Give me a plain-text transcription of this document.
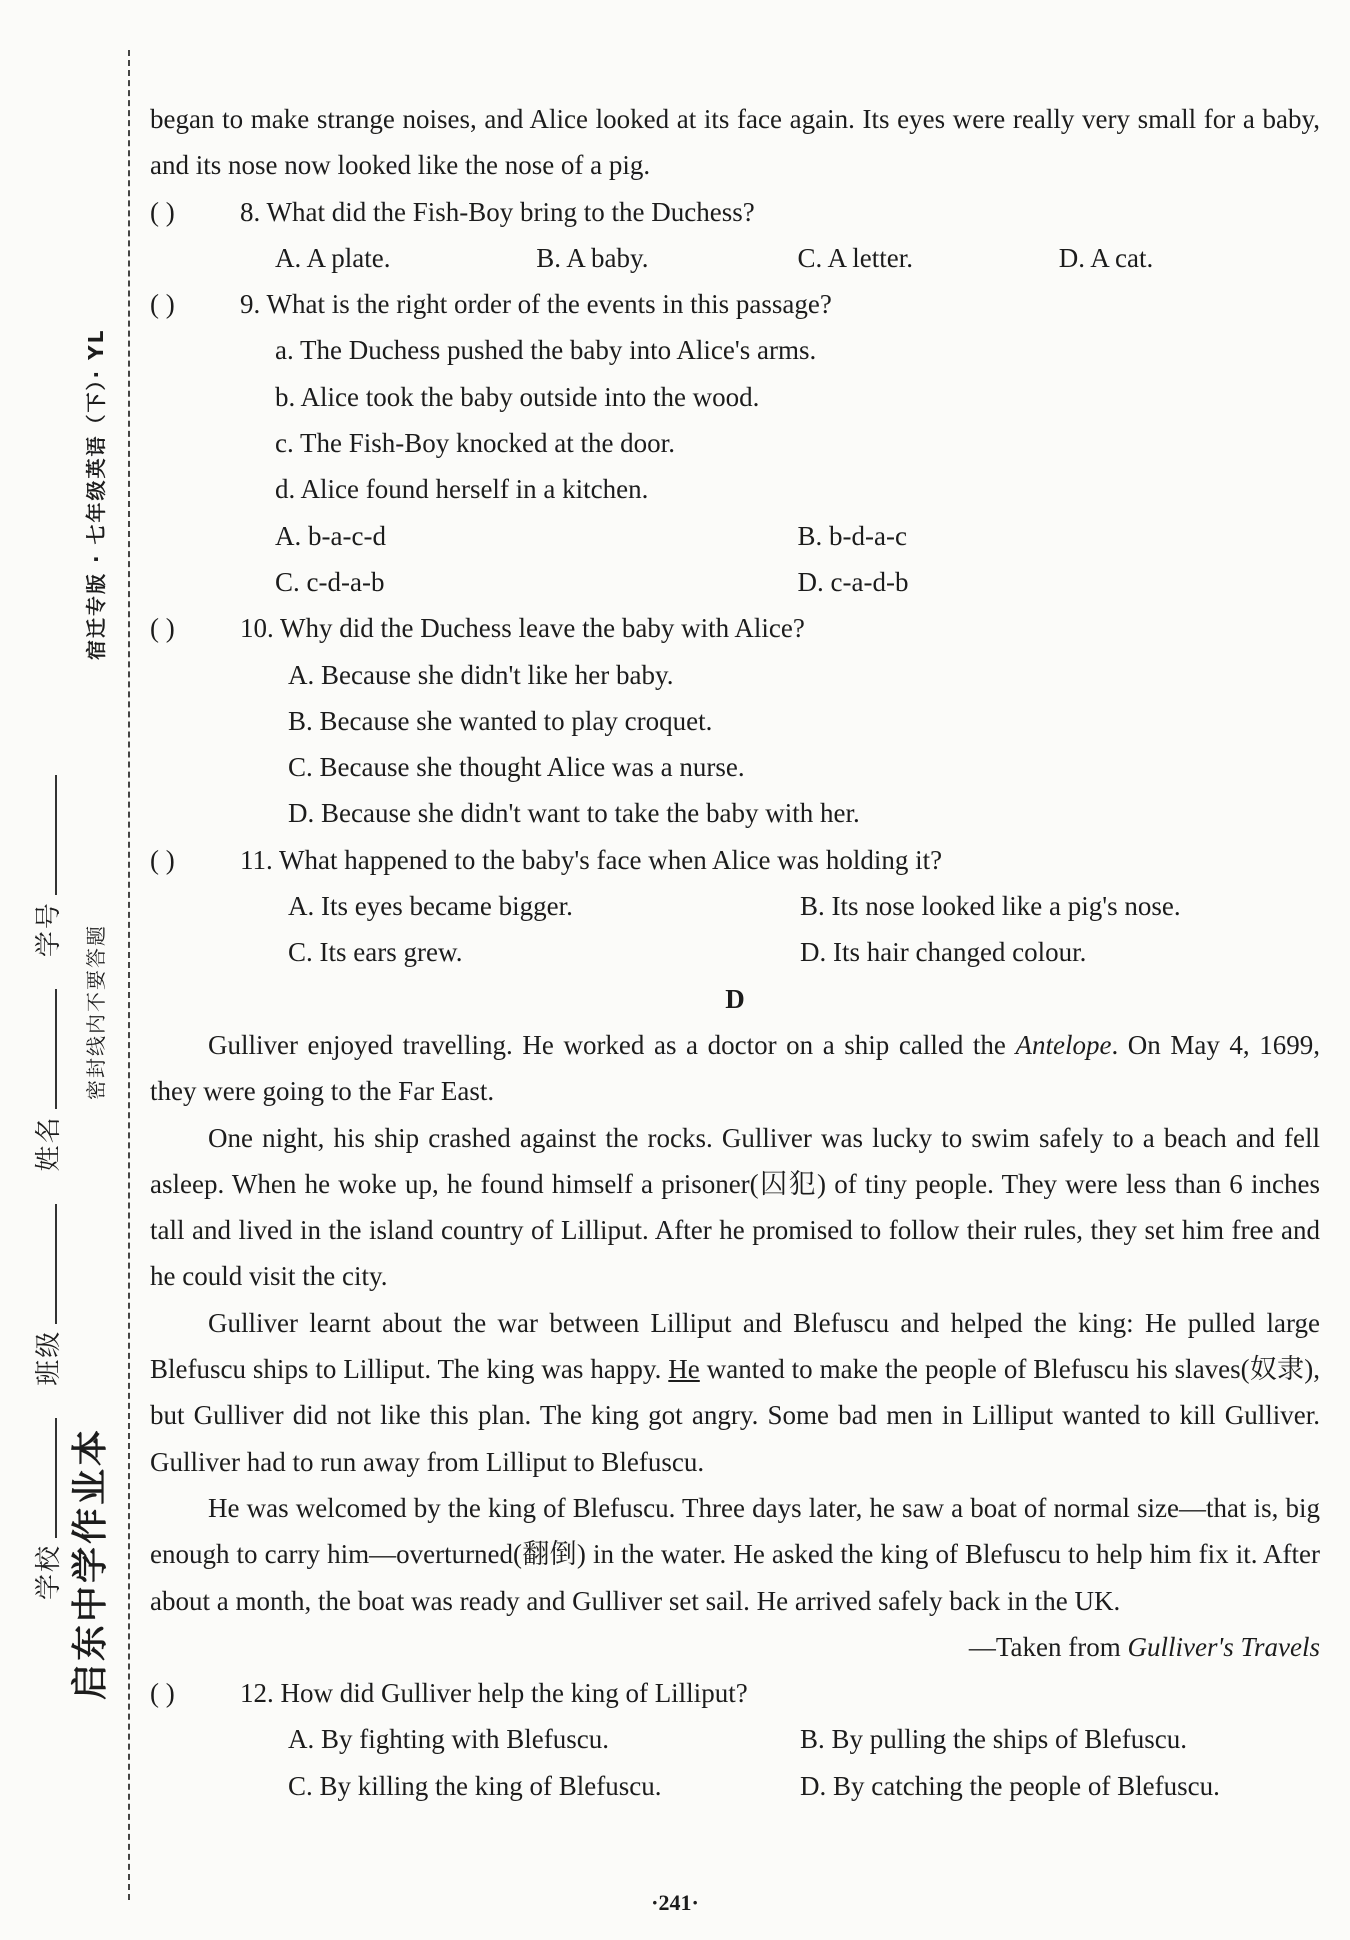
学校 班级 姓名 学号
启东中学作业本
密封线内不要答题
宿迁专版 · 七年级英语（下）· YL

began to make strange noises, and Alice looked at its face again. Its eyes were really very small for a baby, and its nose now looked like the nose of a pig.

( ) 8. What did the Fish-Boy bring to the Duchess?
A. A plate.	B. A baby.	C. A letter.	D. A cat.
( ) 9. What is the right order of the events in this passage?
a. The Duchess pushed the baby into Alice's arms.
b. Alice took the baby outside into the wood.
c. The Fish-Boy knocked at the door.
d. Alice found herself in a kitchen.
A. b-a-c-d	B. b-d-a-c
C. c-d-a-b	D. c-a-d-b
( ) 10. Why did the Duchess leave the baby with Alice?
A. Because she didn't like her baby.
B. Because she wanted to play croquet.
C. Because she thought Alice was a nurse.
D. Because she didn't want to take the baby with her.
( ) 11. What happened to the baby's face when Alice was holding it?
A. Its eyes became bigger.	B. Its nose looked like a pig's nose.
C. Its ears grew.	D. Its hair changed colour.

D

Gulliver enjoyed travelling. He worked as a doctor on a ship called the Antelope. On May 4, 1699, they were going to the Far East.

One night, his ship crashed against the rocks. Gulliver was lucky to swim safely to a beach and fell asleep. When he woke up, he found himself a prisoner(囚犯) of tiny people. They were less than 6 inches tall and lived in the island country of Lilliput. After he promised to follow their rules, they set him free and he could visit the city.

Gulliver learnt about the war between Lilliput and Blefuscu and helped the king: He pulled large Blefuscu ships to Lilliput. The king was happy. He wanted to make the people of Blefuscu his slaves(奴隶), but Gulliver did not like this plan. The king got angry. Some bad men in Lilliput wanted to kill Gulliver. Gulliver had to run away from Lilliput to Blefuscu.

He was welcomed by the king of Blefuscu. Three days later, he saw a boat of normal size—that is, big enough to carry him—overturned(翻倒) in the water. He asked the king of Blefuscu to help him fix it. After about a month, the boat was ready and Gulliver set sail. He arrived safely back in the UK.

—Taken from Gulliver's Travels

( ) 12. How did Gulliver help the king of Lilliput?
A. By fighting with Blefuscu.	B. By pulling the ships of Blefuscu.
C. By killing the king of Blefuscu.	D. By catching the people of Blefuscu.
·241·
